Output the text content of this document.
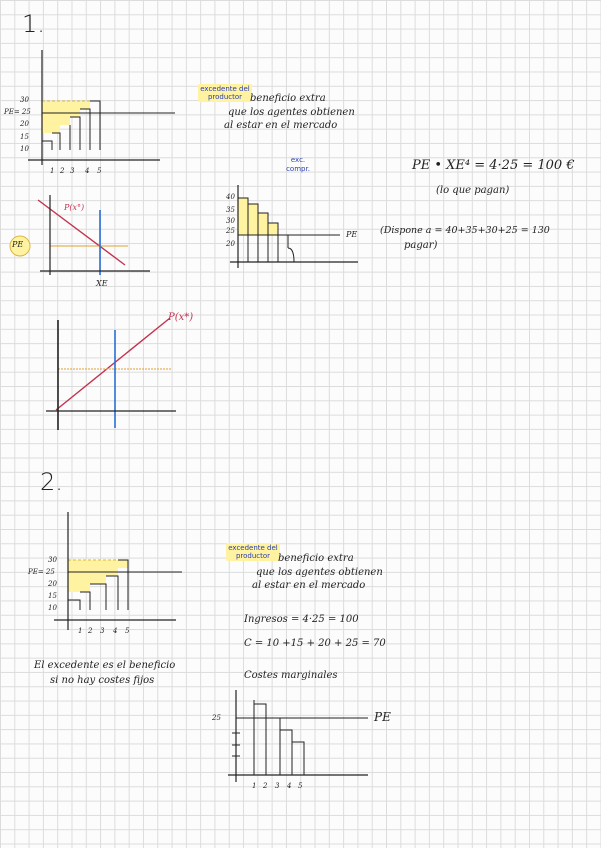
1.
30
PE= 25
20
15
10
1 2 3 4 5
excedente del productor beneficio extra
que los agentes obtienen
al estar en el mercado
P(x°)
PE
XE
exc. compr.
40
35
30
25
20
PE
PE • XE⁴ = 4·25 = 100 €
(lo que pagan)
(Dispone a = 40+35+30+25 = 130
pagar)
P(x*)
2.
30
PE= 25
20
15
10
1 2 3 4 5
excedente del productor beneficio extra
que los agentes obtienen
al estar en el mercado
Ingresos = 4·25 = 100
C = 10 +15 + 20 + 25 = 70
El excedente es el beneficio
si no hay costes fijos	Costes marginales
25	PE
1 2 3 4 5
